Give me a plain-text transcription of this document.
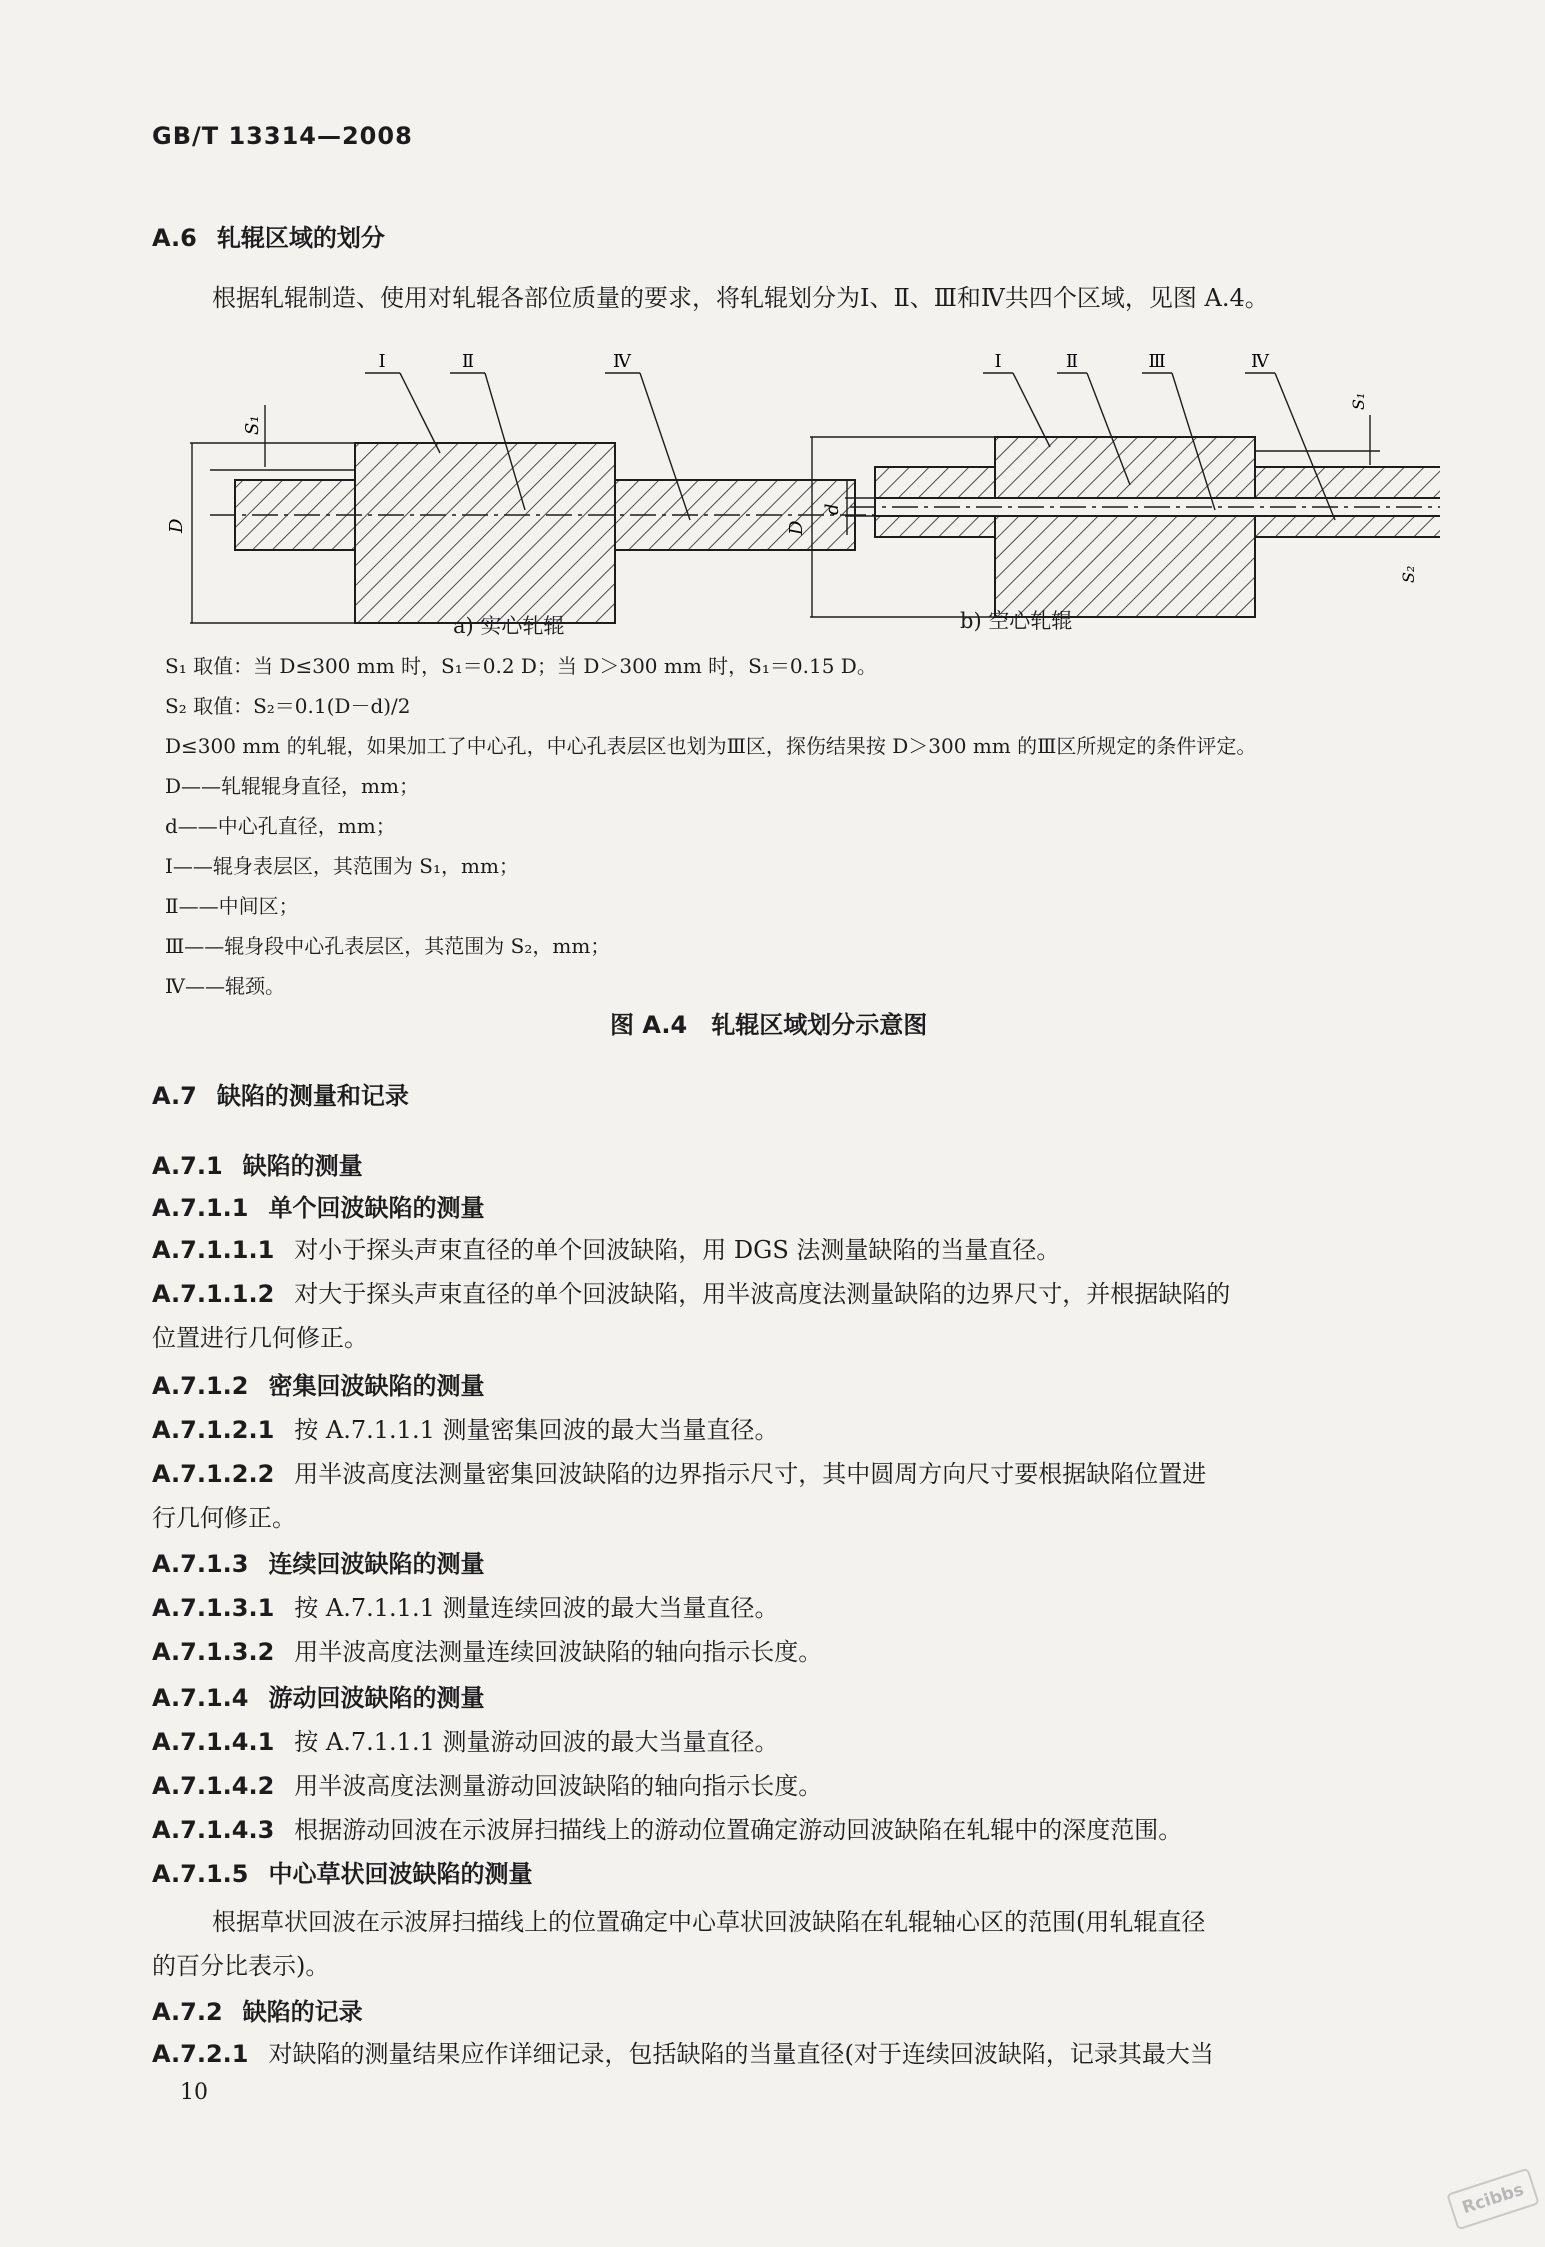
GB/T 13314—2008
A.6 轧辊区域的划分
根据轧辊制造、使用对轧辊各部位质量的要求，将轧辊划分为Ⅰ、Ⅱ、Ⅲ和Ⅳ共四个区域，见图 A.4。
Ⅰ	Ⅱ	Ⅳ
S₁
D
Ⅰ	Ⅱ	Ⅲ	Ⅳ
S₁
S₂
D
d
a) 实心轧辊	b) 空心轧辊
S₁ 取值：当 D≤300 mm 时，S₁＝0.2 D；当 D＞300 mm 时，S₁＝0.15 D。
S₂ 取值：S₂＝0.1(D－d)/2
D≤300 mm 的轧辊，如果加工了中心孔，中心孔表层区也划为Ⅲ区，探伤结果按 D＞300 mm 的Ⅲ区所规定的条件评定。
D——轧辊辊身直径，mm；
d——中心孔直径，mm；
Ⅰ——辊身表层区，其范围为 S₁，mm；
Ⅱ——中间区；
Ⅲ——辊身段中心孔表层区，其范围为 S₂，mm；
Ⅳ——辊颈。
图 A.4　轧辊区域划分示意图
A.7 缺陷的测量和记录
A.7.1 缺陷的测量
A.7.1.1 单个回波缺陷的测量
A.7.1.1.1 对小于探头声束直径的单个回波缺陷，用 DGS 法测量缺陷的当量直径。
A.7.1.1.2 对大于探头声束直径的单个回波缺陷，用半波高度法测量缺陷的边界尺寸，并根据缺陷的
位置进行几何修正。
A.7.1.2 密集回波缺陷的测量
A.7.1.2.1 按 A.7.1.1.1 测量密集回波的最大当量直径。
A.7.1.2.2 用半波高度法测量密集回波缺陷的边界指示尺寸，其中圆周方向尺寸要根据缺陷位置进
行几何修正。
A.7.1.3 连续回波缺陷的测量
A.7.1.3.1 按 A.7.1.1.1 测量连续回波的最大当量直径。
A.7.1.3.2 用半波高度法测量连续回波缺陷的轴向指示长度。
A.7.1.4 游动回波缺陷的测量
A.7.1.4.1 按 A.7.1.1.1 测量游动回波的最大当量直径。
A.7.1.4.2 用半波高度法测量游动回波缺陷的轴向指示长度。
A.7.1.4.3 根据游动回波在示波屏扫描线上的游动位置确定游动回波缺陷在轧辊中的深度范围。
A.7.1.5 中心草状回波缺陷的测量
根据草状回波在示波屏扫描线上的位置确定中心草状回波缺陷在轧辊轴心区的范围(用轧辊直径
的百分比表示)。
A.7.2 缺陷的记录
A.7.2.1 对缺陷的测量结果应作详细记录，包括缺陷的当量直径(对于连续回波缺陷，记录其最大当
10
Rcibbs
